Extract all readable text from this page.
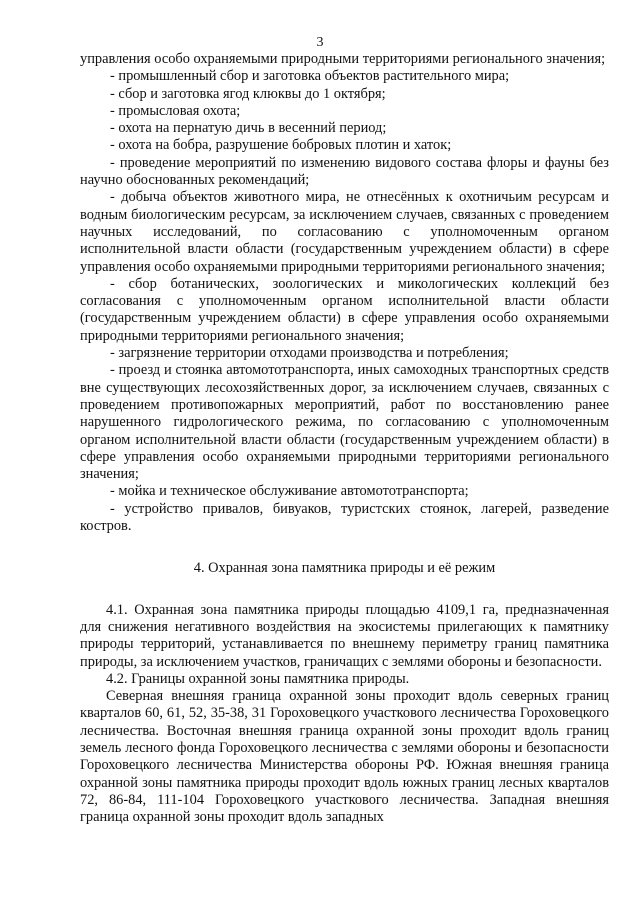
3

управления особо охраняемыми природными территориями регионального значения;

- промышленный сбор и заготовка объектов растительного мира;

- сбор и заготовка ягод клюквы до 1 октября;

- промысловая охота;

- охота на пернатую дичь в весенний период;

- охота на бобра, разрушение бобровых плотин и хаток;

- проведение мероприятий по изменению видового состава флоры и фауны без научно обоснованных рекомендаций;

- добыча объектов животного мира, не отнесённых к охотничьим ресурсам и водным биологическим ресурсам, за исключением случаев, связанных с проведением научных исследований, по согласованию с уполномоченным органом исполнительной власти области (государственным учреждением области) в сфере управления особо охраняемыми природными территориями регионального значения;

- сбор ботанических, зоологических и микологических коллекций без согласования с уполномоченным органом исполнительной власти области (государственным учреждением области) в сфере управления особо охраняемыми природными территориями регионального значения;

- загрязнение территории отходами производства и потребления;

- проезд и стоянка автомототранспорта, иных самоходных транспортных средств вне существующих лесохозяйственных дорог, за исключением случаев, связанных с проведением противопожарных мероприятий, работ по восстановлению ранее нарушенного гидрологического режима, по согласованию с уполномоченным органом исполнительной власти области (государственным учреждением области) в сфере управления особо охраняемыми природными территориями регионального значения;

- мойка и техническое обслуживание автомототранспорта;

- устройство привалов, бивуаков, туристских стоянок, лагерей, разведение костров.

4. Охранная зона памятника природы и её режим

4.1. Охранная зона памятника природы площадью 4109,1 га, предназначенная для снижения негативного воздействия на экосистемы прилегающих к памятнику природы территорий, устанавливается по внешнему периметру границ памятника природы, за исключением участков, граничащих с землями обороны и безопасности.

4.2. Границы охранной зоны памятника природы.

Северная внешняя граница охранной зоны проходит вдоль северных границ кварталов 60, 61, 52, 35-38, 31 Гороховецкого участкового лесничества Гороховецкого лесничества. Восточная внешняя граница охранной зоны проходит вдоль границ земель лесного фонда Гороховецкого лесничества с землями обороны и безопасности Гороховецкого лесничества Министерства обороны РФ. Южная внешняя граница охранной зоны памятника природы проходит вдоль южных границ лесных кварталов 72, 86-84, 111-104 Гороховецкого участкового лесничества. Западная внешняя граница охранной зоны проходит вдоль западных
